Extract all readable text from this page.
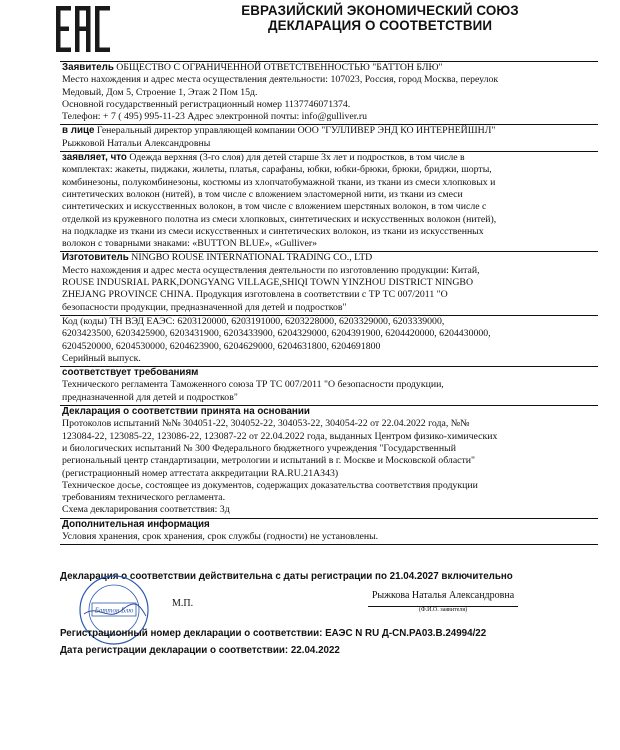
ЕВРАЗИЙСКИЙ ЭКОНОМИЧЕСКИЙ СОЮЗ
ДЕКЛАРАЦИЯ О СООТВЕТСТВИИ

Заявитель ОБЩЕСТВО С ОГРАНИЧЕННОЙ ОТВЕТСТВЕННОСТЬЮ "БАТТОН БЛЮ"

Место нахождения и адрес места осуществления деятельности: 107023, Россия, город Москва, переулок

Медовый, Дом 5, Строение 1, Этаж 2 Пом 15д.

Основной государственный регистрационный номер 1137746071374.

Телефон: + 7 ( 495) 995-11-23 Адрес электронной почты: info@gulliver.ru

в лице Генеральный директор управляющей компании ООО "ГУЛЛИВЕР ЭНД КО ИНТЕРНЕЙШНЛ"

Рыжковой Натальи Александровны

заявляет, что Одежда верхняя (3-го слоя) для детей старше 3х лет и подростков, в том числе в

комплектах: жакеты, пиджаки, жилеты, платья, сарафаны, юбки, юбки-брюки, брюки, бриджи, шорты,

комбинезоны, полукомбинезоны, костюмы из хлопчатобумажной ткани, из ткани из смеси хлопковых и

синтетических волокон (нитей), в том числе с вложением эластомерной нити, из ткани из смеси

синтетических и искусственных волокон, в том числе с вложением шерстяных волокон, в том числе с

отделкой из кружевного полотна из смеси хлопковых, синтетических и искусственных волокон (нитей),

на подкладке из ткани из смеси искусственных и синтетических волокон, из ткани из искусственных

волокон с товарными знаками: «BUTTON BLUE», «Gulliver»

Изготовитель NINGBO ROUSE INTERNATIONAL TRADING CO., LTD

Место нахождения и адрес места осуществления деятельности по изготовлению продукции: Китай,

ROUSE INDUSRIAL PARK,DONGYANG VILLAGE,SHIQI TOWN YINZHOU DISTRICT NINGBO

ZHEJANG PROVINCE CHINA. Продукция изготовлена в соответствии с ТР ТС 007/2011 "О

безопасности продукции, предназначенной для детей и подростков"

Код (коды) ТН ВЭД ЕАЭС: 6203120000, 6203191000, 6203228000, 6203329000, 6203339000,

6203423500, 6203425900, 6203431900, 6203433900, 6204329000, 6204391900, 6204420000, 6204430000,

6204520000, 6204530000, 6204623900, 6204629000, 6204631800, 6204691800

Серийный выпуск.

соответствует требованиям

Технического регламента Таможенного союза ТР ТС 007/2011 "О безопасности продукции,

предназначенной для детей и подростков"

Декларация о соответствии принята на основании

Протоколов испытаний №№ 304051-22, 304052-22, 304053-22, 304054-22 от 22.04.2022 года, №№

123084-22, 123085-22, 123086-22, 123087-22 от 22.04.2022 года, выданных Центром физико-химических

и биологических испытаний № 300 Федерального бюджетного учреждения "Государственный

региональный центр стандартизации, метрологии и испытаний в г. Москве и Московской области"

(регистрационный номер аттестата аккредитации RA.RU.21AЗ43)

Техническое досье, состоящее из документов, содержащих доказательства соответствия продукции

требованиям технического регламента.

Схема декларирования соответствия: 3д

Дополнительная информация

Условия хранения, срок хранения, срок службы (годности) не установлены.

Декларация о соответствии действительна с даты регистрации по 21.04.2027 включительно
Баттон Блю
М.П.
Рыжкова Наталья Александровна
(Ф.И.О. заявителя)
Регистрационный номер декларации о соответствии: ЕАЭС N RU Д-CN.PA03.B.24994/22
Дата регистрации декларации о соответствии: 22.04.2022
